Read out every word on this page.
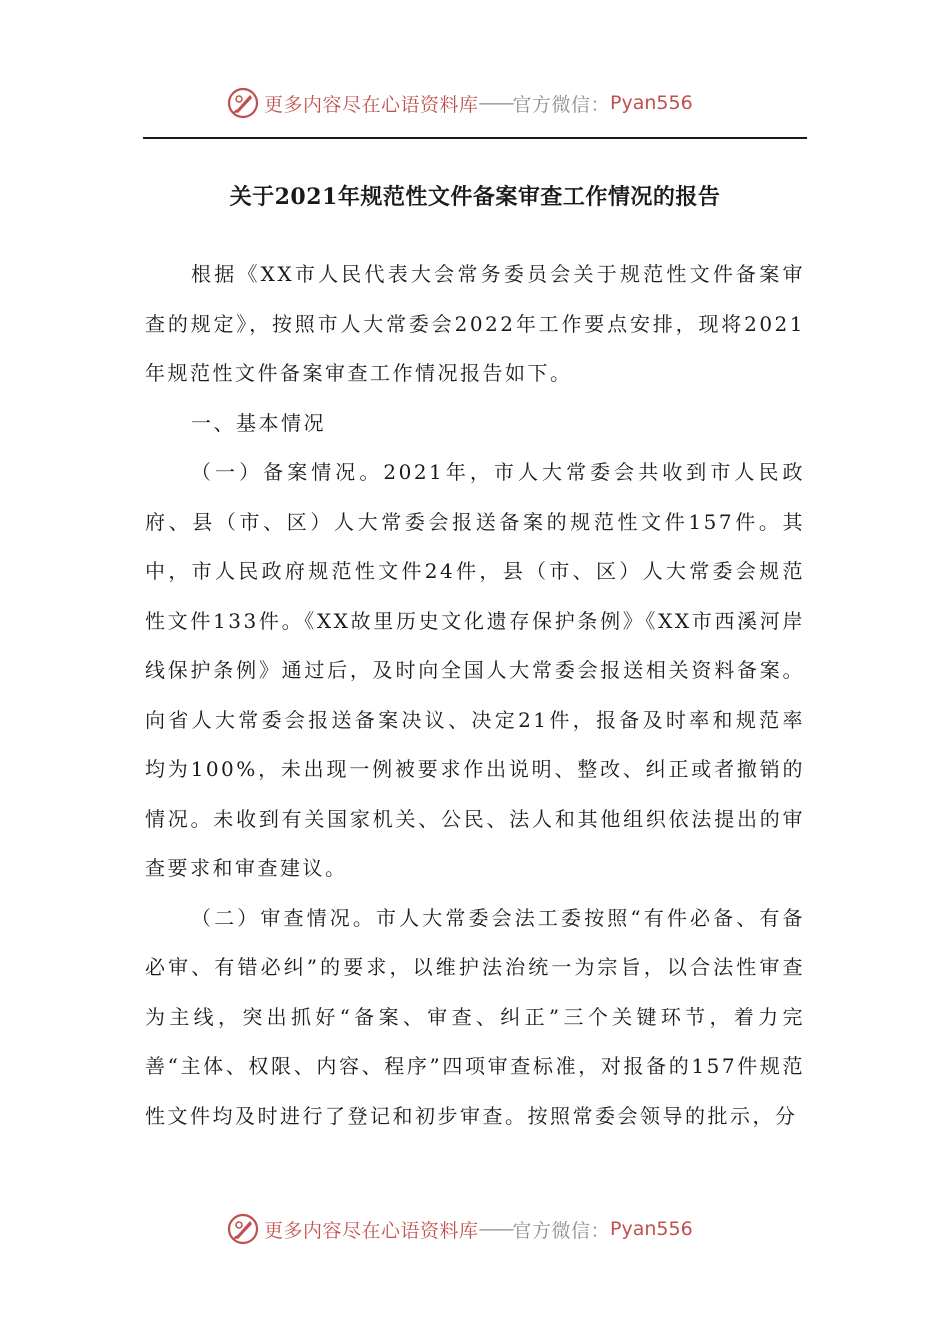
更多内容尽在心语资料库 —— 官方微信： Pyan556
关于2021年规范性文件备案审查工作情况的报告

根据《XX市人民代表大会常务委员会关于规范性文件备案审查的规定》，按照市人大常委会2022年工作要点安排，现将2021年规范性文件备案审查工作情况报告如下。

一、基本情况

（一）备案情况。2021年，市人大常委会共收到市人民政府、县（市、区）人大常委会报送备案的规范性文件157件。其中，市人民政府规范性文件24件，县（市、区）人大常委会规范性文件133件。《XX故里历史文化遗存保护条例》《XX市西溪河岸线保护条例》通过后，及时向全国人大常委会报送相关资料备案。向省人大常委会报送备案决议、决定21件，报备及时率和规范率均为100%，未出现一例被要求作出说明、整改、纠正或者撤销的情况。未收到有关国家机关、公民、法人和其他组织依法提出的审查要求和审查建议。

（二）审查情况。市人大常委会法工委按照“有件必备、有备必审、有错必纠”的要求，以维护法治统一为宗旨，以合法性审查为主线，突出抓好“备案、审查、纠正”三个关键环节，着力完善“主体、权限、内容、程序”四项审查标准，对报备的157件规范性文件均及时进行了登记和初步审查。按照常委会领导的批示，分

更多内容尽在心语资料库 —— 官方微信： Pyan556
